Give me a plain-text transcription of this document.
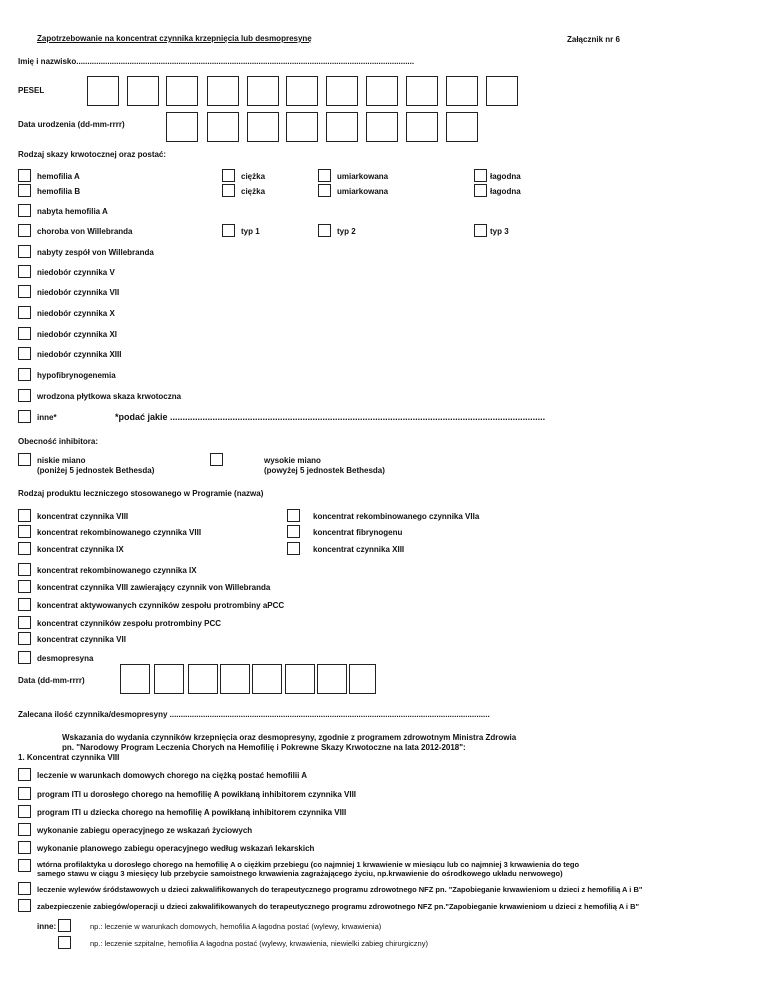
Zapotrzebowanie na koncentrat czynnika krzepnięcia lub desmopresynę	Załącznik nr 6
Imię i nazwisko........................................................................................................................................................
PESEL
Data urodzenia (dd-mm-rrrr)
Rodzaj skazy krwotocznej oraz postać:
hemofilia A	ciężka	umiarkowana	łagodna
hemofilia B	ciężka	umiarkowana	łagodna
nabyta hemofilia A
choroba von Willebranda	typ 1	typ 2	typ 3
nabyty zespół von Willebranda
niedobór czynnika V
niedobór czynnika VII
niedobór czynnika X
niedobór czynnika XI
niedobór czynnika XIII
hypofibrynogenemia
wrodzona płytkowa skaza krwotoczna
inne*	*podać jakie ......................................................................................................................................................
Obecność inhibitora:
niskie miano
(poniżej 5 jednostek Bethesda)
wysokie miano
(powyżej 5 jednostek Bethesda)
Rodzaj produktu leczniczego stosowanego w Programie (nazwa)
koncentrat czynnika VIII	koncentrat rekombinowanego czynnika VIIa
koncentrat rekombinowanego czynnika VIII	koncentrat fibrynogenu
koncentrat czynnika IX	koncentrat czynnika XIII
koncentrat rekombinowanego czynnika IX
koncentrat czynnika VIII zawierający czynnik von Willebranda
koncentrat aktywowanych czynników zespołu protrombiny aPCC
koncentrat czynników zespołu protrombiny PCC
koncentrat czynnika VII
desmopresyna
Data (dd-mm-rrrr)
Zalecana ilość czynnika/desmopresyny ................................................................................................................................................
Wskazania do wydania czynników krzepnięcia oraz desmopresyny, zgodnie z programem zdrowotnym Ministra Zdrowia
pn. "Narodowy Program Leczenia Chorych na Hemofilię i Pokrewne Skazy Krwotoczne na lata 2012-2018":
1. Koncentrat czynnika VIII
leczenie w warunkach domowych chorego na ciężką postać hemofilii A
program ITI u dorosłego chorego na hemofilię A powikłaną inhibitorem czynnika VIII
program ITI u dziecka chorego na hemofilię A powikłaną inhibitorem czynnika VIII
wykonanie zabiegu operacyjnego ze wskazań życiowych
wykonanie planowego zabiegu operacyjnego według wskazań lekarskich
wtórna profilaktyka u dorosłego chorego na hemofilię A o ciężkim przebiegu (co najmniej 1 krwawienie w miesiącu lub co najmniej 3 krwawienia do tego
samego stawu w ciągu 3 miesięcy lub przebycie samoistnego krwawienia zagrażającego życiu, np.krwawienie do ośrodkowego układu nerwowego)
leczenie wylewów śródstawowych u dzieci zakwalifikowanych do terapeutycznego programu zdrowotnego NFZ pn. "Zapobieganie krwawieniom u dzieci z hemofilią A i B"
zabezpieczenie zabiegów/operacji u dzieci zakwalifikowanych do terapeutycznego programu zdrowotnego NFZ pn."Zapobieganie krwawieniom u dzieci z hemofilią A i B"
inne:	np.: leczenie w warunkach domowych, hemofilia A łagodna postać (wylewy, krwawienia)
np.: leczenie szpitalne, hemofilia A łagodna postać (wylewy, krwawienia, niewielki zabieg chirurgiczny)
